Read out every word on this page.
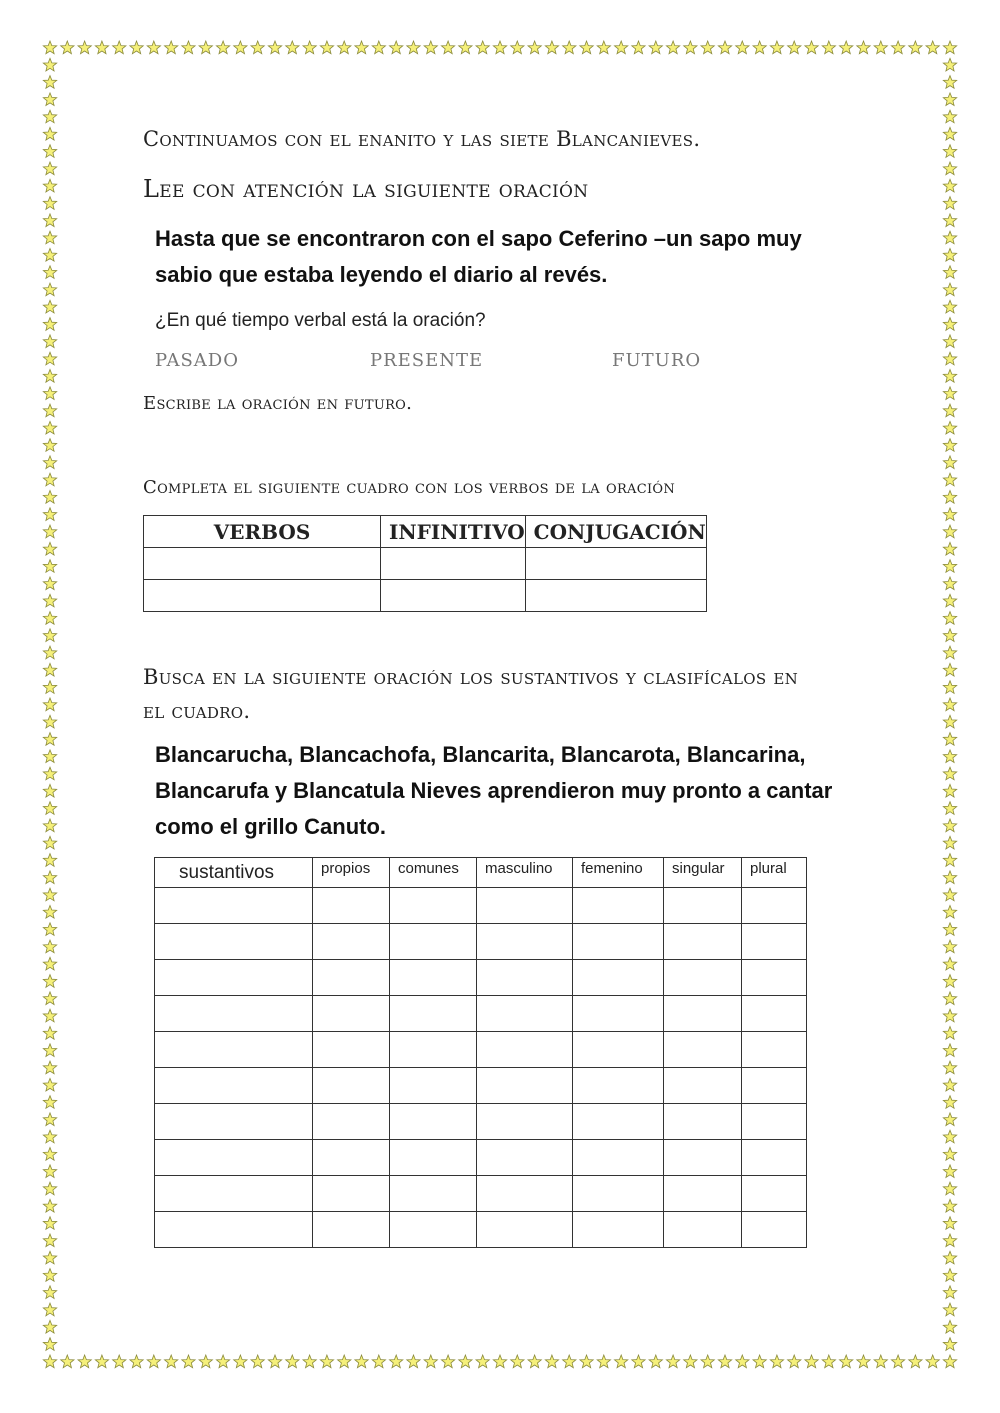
Continuamos con el enanito y las siete Blancanieves.
Lee con atención la siguiente oración

Hasta que se encontraron con el sapo Ceferino –un sapo muy sabio que estaba leyendo el diario al revés.

¿En qué tiempo verbal está la oración?

PASADO	PRESENTE	FUTURO

Escribe la oración en futuro.

Completa el siguiente cuadro con los verbos de la oración

VERBOS	INFINITIVO	CONJUGACIÓN

Busca en la siguiente oración los sustantivos y clasifícalos en el cuadro.

Blancarucha, Blancachofa, Blancarita, Blancarota, Blancarina, Blancarufa y Blancatula Nieves aprendieron muy pronto a cantar como el grillo Canuto.

sustantivos	propios	comunes	masculino	femenino	singular	plural
